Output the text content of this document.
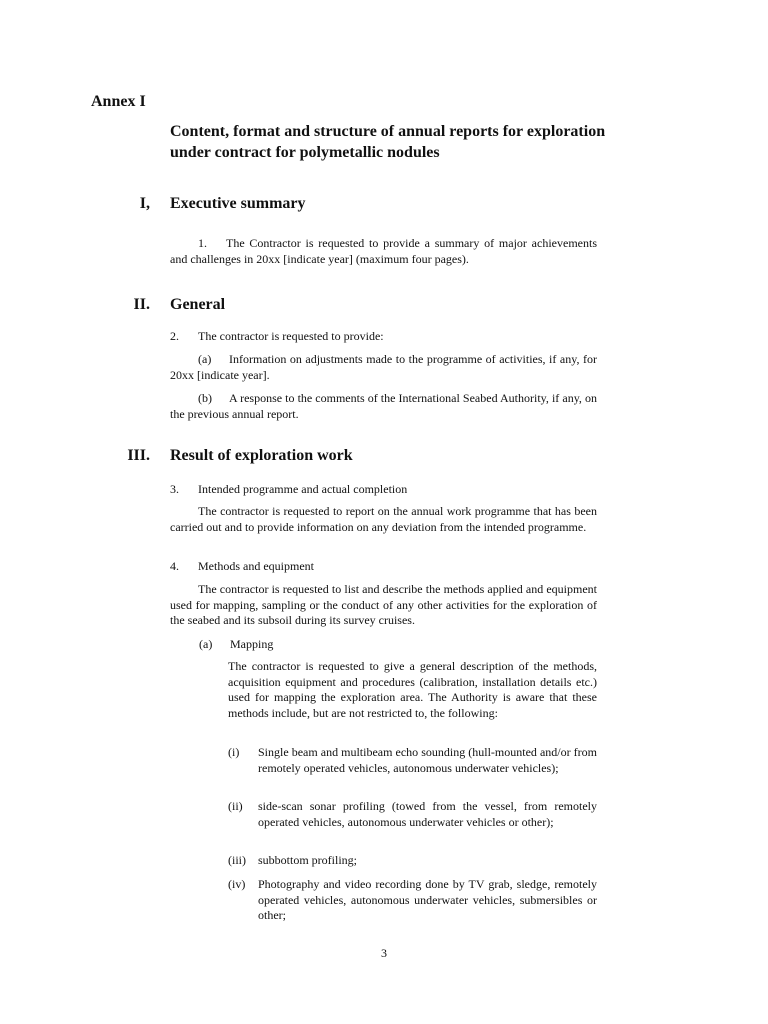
Annex I
Content, format and structure of annual reports for exploration under contract for polymetallic nodules
I, Executive summary
1. The Contractor is requested to provide a summary of major achievements and challenges in 20xx [indicate year] (maximum four pages).
II. General
2. The contractor is requested to provide:
(a) Information on adjustments made to the programme of activities, if any, for 20xx [indicate year].
(b) A response to the comments of the International Seabed Authority, if any, on the previous annual report.
III. Result of exploration work
3. Intended programme and actual completion
The contractor is requested to report on the annual work programme that has been carried out and to provide information on any deviation from the intended programme.
4. Methods and equipment
The contractor is requested to list and describe the methods applied and equipment used for mapping, sampling or the conduct of any other activities for the exploration of the seabed and its subsoil during its survey cruises.
(a) Mapping
The contractor is requested to give a general description of the methods, acquisition equipment and procedures (calibration, installation details etc.) used for mapping the exploration area. The Authority is aware that these methods include, but are not restricted to, the following:
(i) Single beam and multibeam echo sounding (hull-mounted and/or from remotely operated vehicles, autonomous underwater vehicles);
(ii) side-scan sonar profiling (towed from the vessel, from remotely operated vehicles, autonomous underwater vehicles or other);
(iii) subbottom profiling;
(iv) Photography and video recording done by TV grab, sledge, remotely operated vehicles, autonomous underwater vehicles, submersibles or other;
3
